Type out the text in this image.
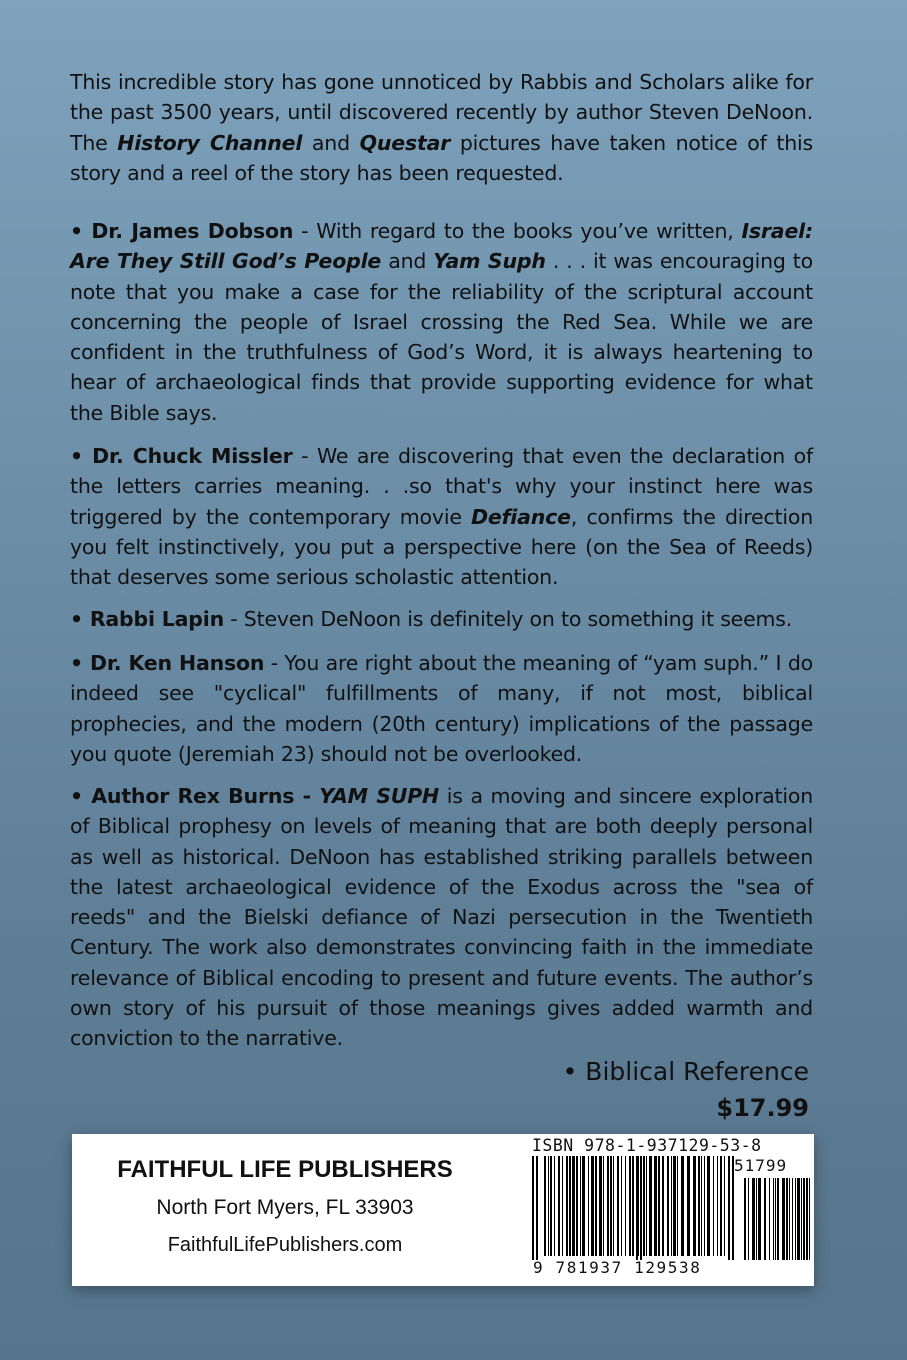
This incredible story has gone unnoticed by Rabbis and Scholars alike for the past 3500 years, until discovered recently by author Steven DeNoon. The History Channel and Questar pictures have taken notice of this story and a reel of the story has been requested.

• Dr. James Dobson - With regard to the books you’ve written, Israel: Are They Still God’s People and Yam Suph . . . it was encouraging to note that you make a case for the reliability of the scriptural account concerning the people of Israel crossing the Red Sea. While we are confident in the truthfulness of God’s Word, it is always heartening to hear of archaeological finds that provide supporting evidence for what the Bible says.

• Dr. Chuck Missler - We are discovering that even the declaration of the letters carries meaning. . .so that's why your instinct here was triggered by the contemporary movie Defiance, confirms the direction you felt instinctively, you put a perspective here (on the Sea of Reeds) that deserves some serious scholastic attention.

• Rabbi Lapin - Steven DeNoon is definitely on to something it seems.

• Dr. Ken Hanson - You are right about the meaning of “yam suph.” I do indeed see "cyclical" fulfillments of many, if not most, biblical prophecies, and the modern (20th century) implications of the passage you quote (Jeremiah 23) should not be overlooked.

• Author Rex Burns - YAM SUPH is a moving and sincere exploration of Biblical prophesy on levels of meaning that are both deeply personal as well as historical. DeNoon has established striking parallels between the latest archaeological evidence of the Exodus across the "sea of reeds" and the Bielski defiance of Nazi persecution in the Twentieth Century. The work also demonstrates convincing faith in the immediate relevance of Biblical encoding to present and future events. The author’s own story of his pursuit of those meanings gives added warmth and conviction to the narrative.

• Biblical Reference
$17.99
FAITHFUL LIFE PUBLISHERS
North Fort Myers, FL 33903
FaithfulLifePublishers.com
ISBN 978-1-937129-53-8
9 781937 129538
51799
